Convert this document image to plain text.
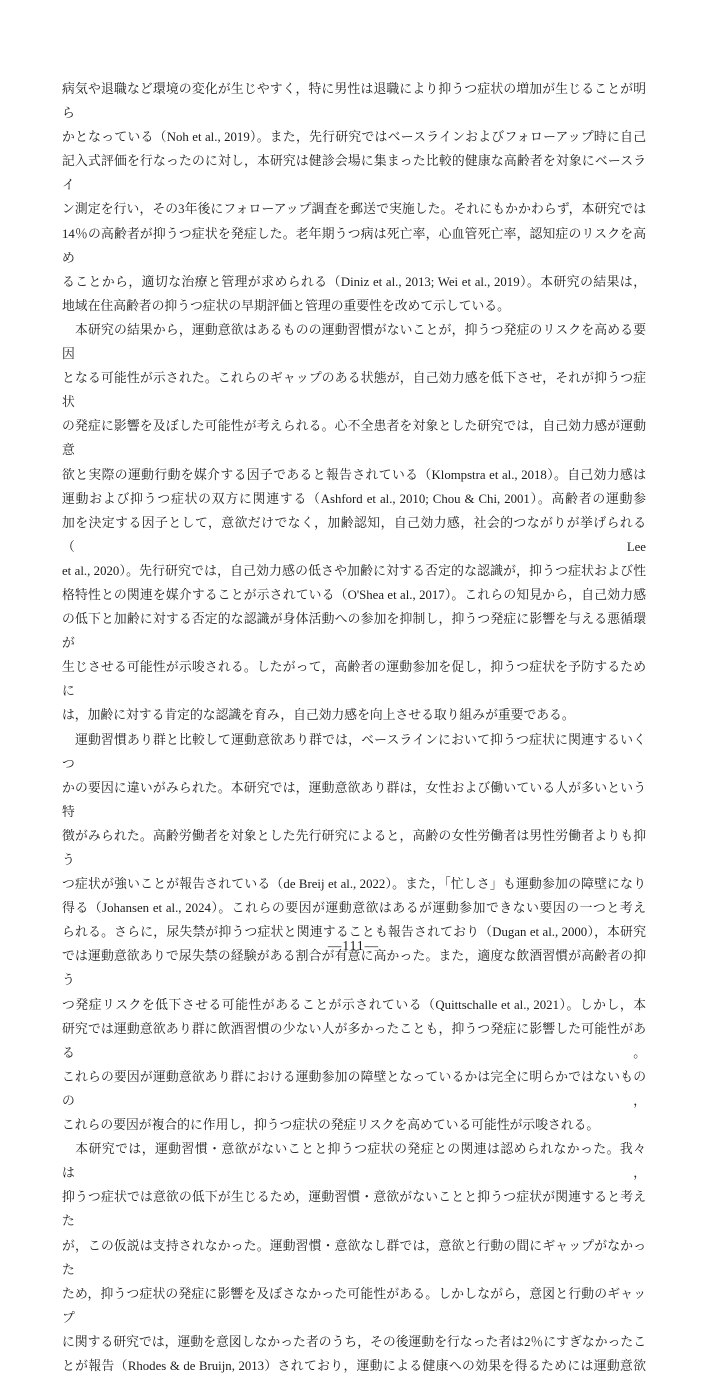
病気や退職など環境の変化が生じやすく，特に男性は退職により抑うつ症状の増加が生じることが明ら
かとなっている（Noh et al., 2019）。また，先行研究ではベースラインおよびフォローアップ時に自己
記入式評価を行なったのに対し，本研究は健診会場に集まった比較的健康な高齢者を対象にベースライ
ン測定を行い，その3年後にフォローアップ調査を郵送で実施した。それにもかかわらず，本研究では
14％の高齢者が抑うつ症状を発症した。老年期うつ病は死亡率，心血管死亡率，認知症のリスクを高め
ることから，適切な治療と管理が求められる（Diniz et al., 2013; Wei et al., 2019）。本研究の結果は，
地域在住高齢者の抑うつ症状の早期評価と管理の重要性を改めて示している。
　本研究の結果から，運動意欲はあるものの運動習慣がないことが，抑うつ発症のリスクを高める要因
となる可能性が示された。これらのギャップのある状態が，自己効力感を低下させ，それが抑うつ症状
の発症に影響を及ぼした可能性が考えられる。心不全患者を対象とした研究では，自己効力感が運動意
欲と実際の運動行動を媒介する因子であると報告されている（Klompstra et al., 2018）。自己効力感は
運動および抑うつ症状の双方に関連する（Ashford et al., 2010; Chou & Chi, 2001）。高齢者の運動参
加を決定する因子として，意欲だけでなく，加齢認知，自己効力感，社会的つながりが挙げられる（Lee
et al., 2020）。先行研究では，自己効力感の低さや加齢に対する否定的な認識が，抑うつ症状および性
格特性との関連を媒介することが示されている（O'Shea et al., 2017）。これらの知見から，自己効力感
の低下と加齢に対する否定的な認識が身体活動への参加を抑制し，抑うつ発症に影響を与える悪循環が
生じさせる可能性が示唆される。したがって，高齢者の運動参加を促し，抑うつ症状を予防するために
は，加齢に対する肯定的な認識を育み，自己効力感を向上させる取り組みが重要である。
　運動習慣あり群と比較して運動意欲あり群では，ベースラインにおいて抑うつ症状に関連するいくつ
かの要因に違いがみられた。本研究では，運動意欲あり群は，女性および働いている人が多いという特
徴がみられた。高齢労働者を対象とした先行研究によると，高齢の女性労働者は男性労働者よりも抑う
つ症状が強いことが報告されている（de Breij et al., 2022）。また，「忙しさ」も運動参加の障壁になり
得る（Johansen et al., 2024）。これらの要因が運動意欲はあるが運動参加できない要因の一つと考え
られる。さらに，尿失禁が抑うつ症状と関連することも報告されており（Dugan et al., 2000），本研究
では運動意欲ありで尿失禁の経験がある割合が有意に高かった。また，適度な飲酒習慣が高齢者の抑う
つ発症リスクを低下させる可能性があることが示されている（Quittschalle et al., 2021）。しかし，本
研究では運動意欲あり群に飲酒習慣の少ない人が多かったことも，抑うつ発症に影響した可能性がある。
これらの要因が運動意欲あり群における運動参加の障壁となっているかは完全に明らかではないものの，
これらの要因が複合的に作用し，抑うつ症状の発症リスクを高めている可能性が示唆される。
　本研究では，運動習慣・意欲がないことと抑うつ症状の発症との関連は認められなかった。我々は，
抑うつ症状では意欲の低下が生じるため，運動習慣・意欲がないことと抑うつ症状が関連すると考えた
が，この仮説は支持されなかった。運動習慣・意欲なし群では，意欲と行動の間にギャップがなかった
ため，抑うつ症状の発症に影響を及ぼさなかった可能性がある。しかしながら，意図と行動のギャップ
に関する研究では，運動を意図しなかった者のうち，その後運動を行なった者は2％にすぎなかったこ
とが報告（Rhodes & de Bruijn, 2013）されており，運動による健康への効果を得るためには運動意欲
—111—
